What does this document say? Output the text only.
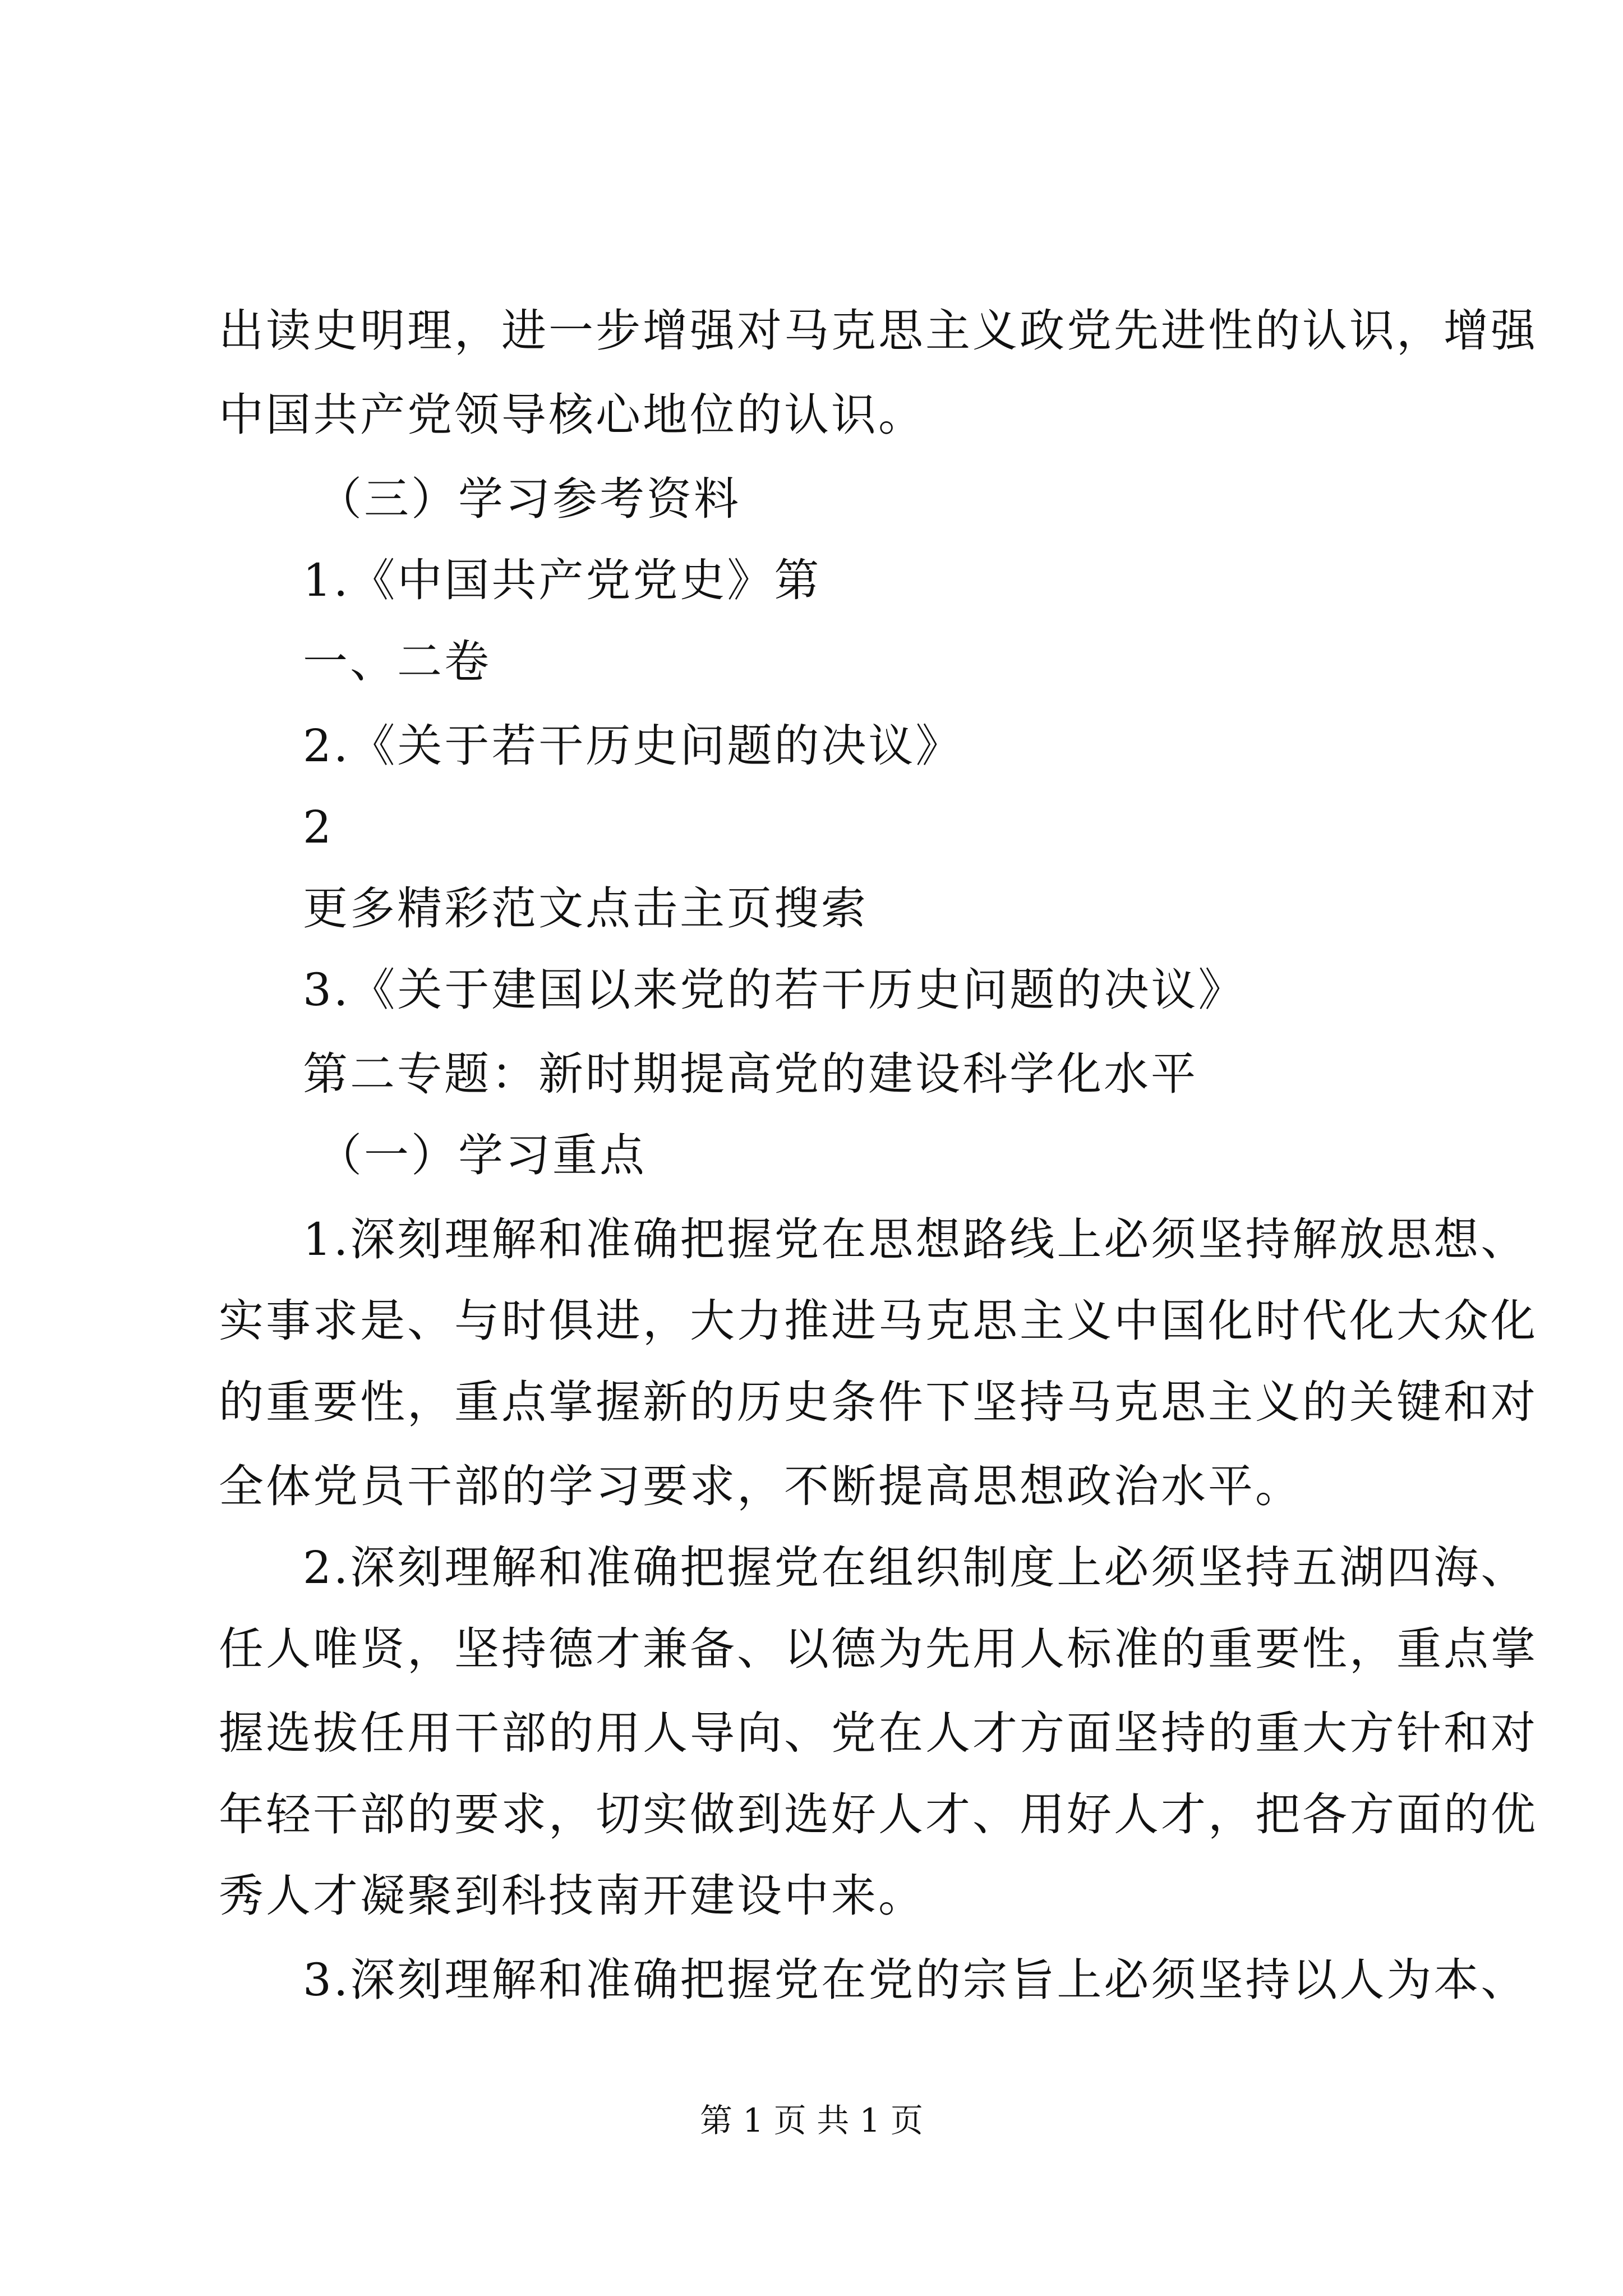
出读史明理，进一步增强对马克思主义政党先进性的认识，增强
中国共产党领导核心地位的认识。
（三）学习参考资料
1.《中国共产党党史》第
一、二卷
2.《关于若干历史问题的决议》
2
更多精彩范文点击主页搜索
3.《关于建国以来党的若干历史问题的决议》
第二专题：新时期提高党的建设科学化水平
（一）学习重点
1.深刻理解和准确把握党在思想路线上必须坚持解放思想、
实事求是、与时俱进，大力推进马克思主义中国化时代化大众化
的重要性，重点掌握新的历史条件下坚持马克思主义的关键和对
全体党员干部的学习要求，不断提高思想政治水平。
2.深刻理解和准确把握党在组织制度上必须坚持五湖四海、
任人唯贤，坚持德才兼备、以德为先用人标准的重要性，重点掌
握选拔任用干部的用人导向、党在人才方面坚持的重大方针和对
年轻干部的要求，切实做到选好人才、用好人才，把各方面的优
秀人才凝聚到科技南开建设中来。
3.深刻理解和准确把握党在党的宗旨上必须坚持以人为本、
第 1 页 共 1 页
